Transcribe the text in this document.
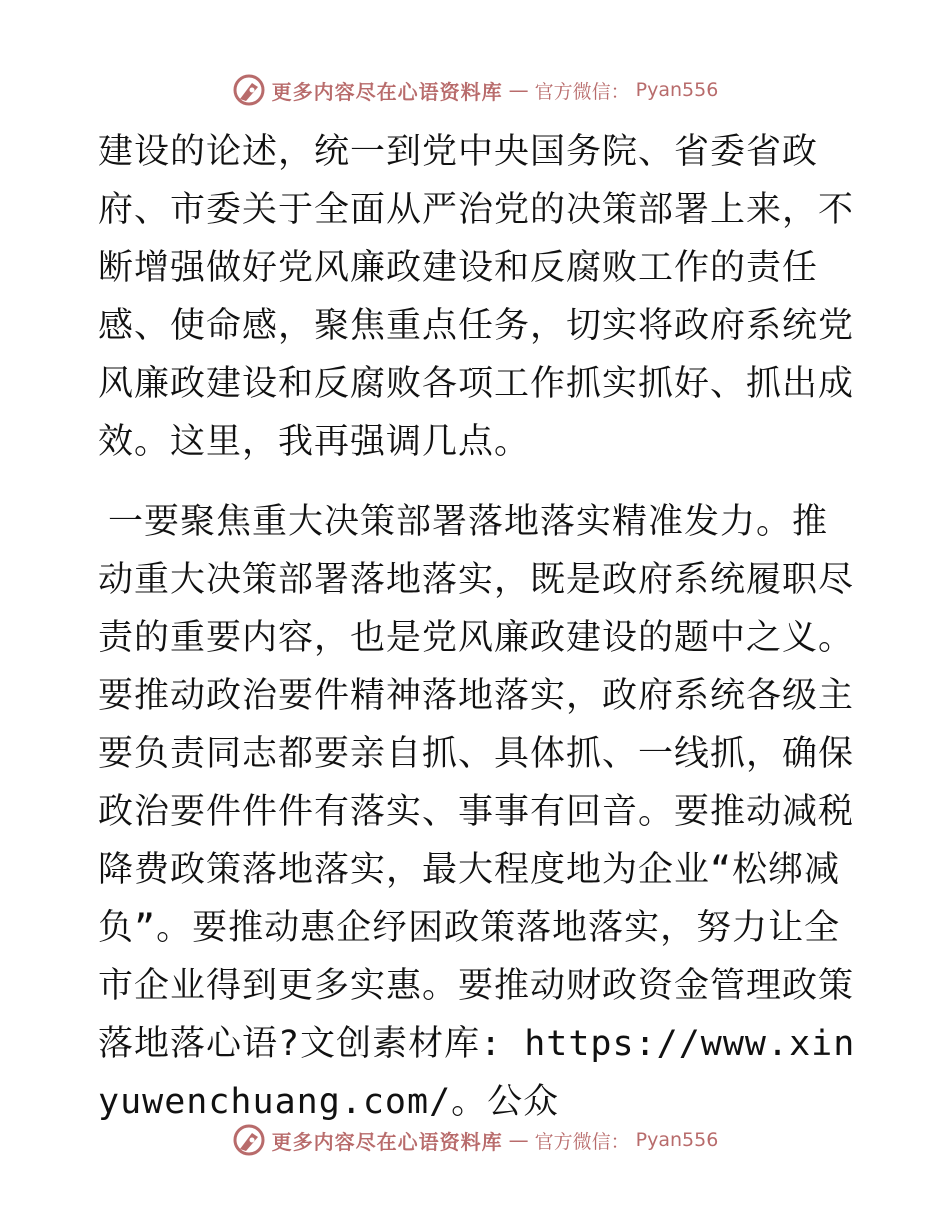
更多内容尽在心语资料库 — 官方微信： Pyan556

建设的论述，统一到党中央国务院、省委省政府、市委关于全面从严治党的决策部署上来，不断增强做好党风廉政建设和反腐败工作的责任感、使命感，聚焦重点任务，切实将政府系统党风廉政建设和反腐败各项工作抓实抓好、抓出成效。这里，我再强调几点。

一要聚焦重大决策部署落地落实精准发力。推动重大决策部署落地落实，既是政府系统履职尽责的重要内容，也是党风廉政建设的题中之义。要推动政治要件精神落地落实，政府系统各级主要负责同志都要亲自抓、具体抓、一线抓，确保政治要件件件有落实、事事有回音。要推动减税降费政策落地落实，最大程度地为企业“松绑减负”。要推动惠企纾困政策落地落实，努力让全市企业得到更多实惠。要推动财政资金管理政策落地落心语?文创素材库: https://www.xinyuwenchuang.com/。公众

更多内容尽在心语资料库 — 官方微信： Pyan556
